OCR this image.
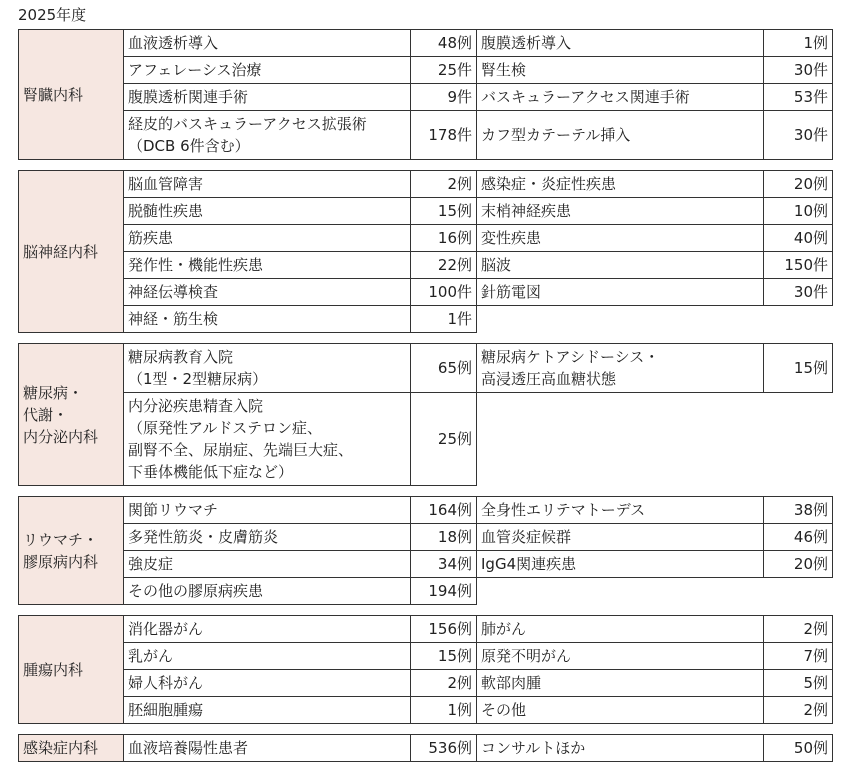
2025年度
腎臓内科	血液透析導入	48例	腹膜透析導入	1例
	アフェレーシス治療	25件	腎生検	30件
	腹膜透析関連手術	9件	バスキュラーアクセス関連手術	53件
	経皮的バスキュラーアクセス拡張術
（DCB 6件含む）	178件	カフ型カテーテル挿入	30件
脳神経内科	脳血管障害	2例	感染症・炎症性疾患	20例
	脱髄性疾患	15例	末梢神経疾患	10例
	筋疾患	16例	変性疾患	40例
	発作性・機能性疾患	22例	脳波	150件
	神経伝導検査	100件	針筋電図	30件
	神経・筋生検	1件		
糖尿病・
代謝・
内分泌内科	糖尿病教育入院
（1型・2型糖尿病）	65例	糖尿病ケトアシドーシス・
高浸透圧高血糖状態	15例
	内分泌疾患精査入院
（原発性アルドステロン症、
副腎不全、尿崩症、先端巨大症、
下垂体機能低下症など）	25例		
リウマチ・
膠原病内科	関節リウマチ	164例	全身性エリテマトーデス	38例
	多発性筋炎・皮膚筋炎	18例	血管炎症候群	46例
	強皮症	34例	IgG4関連疾患	20例
	その他の膠原病疾患	194例		
腫瘍内科	消化器がん	156例	肺がん	2例
	乳がん	15例	原発不明がん	7例
	婦人科がん	2例	軟部肉腫	5例
	胚細胞腫瘍	1例	その他	2例
感染症内科	血液培養陽性患者	536例	コンサルトほか	50例
